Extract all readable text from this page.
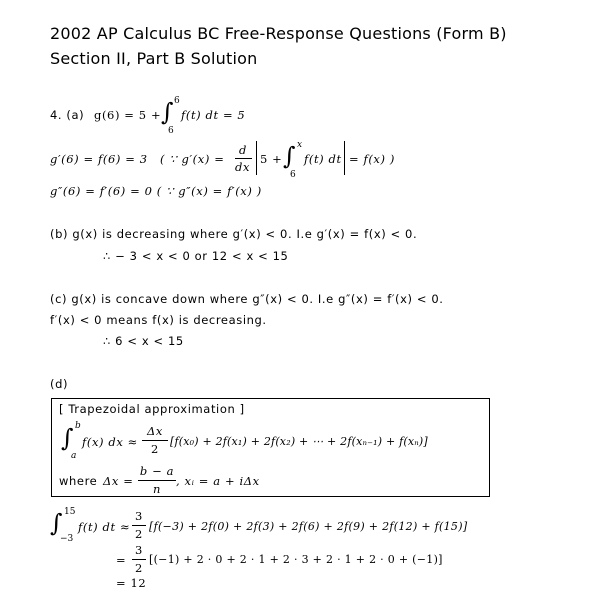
2002 AP Calculus BC Free-Response Questions (Form B)
Section II, Part B Solution
4. (a) g(6) = 5 + ∫ 6
6
f(t) dt = 5
g′(6) = f(6) = 3 ( ∵ g′(x) =
d
dx
5 + ∫ x
6
f(t) dt = f(x) )
g″(6) = f′(6) = 0 ( ∵ g″(x) = f′(x) )
(b) g(x) is decreasing where g′(x) < 0. I.e g′(x) = f(x) < 0.
∴ − 3 < x < 0 or 12 < x < 15
(c) g(x) is concave down where g″(x) < 0. I.e g″(x) = f′(x) < 0.
f′(x) < 0 means f(x) is decreasing.
∴ 6 < x < 15
(d)
[ Trapezoidal approximation ]
∫ b
a
f(x) dx ≈
Δx
2
[f(x₀) + 2f(x₁) + 2f(x₂) + ⋯ + 2f(xₙ₋₁) + f(xₙ)]
where Δx =
b − a
n
, xᵢ = a + iΔx
∫ 15
−3
f(t) dt ≈
3
2
[f(−3) + 2f(0) + 2f(3) + 2f(6) + 2f(9) + 2f(12) + f(15)]
=
3
2
[(−1) + 2 · 0 + 2 · 1 + 2 · 3 + 2 · 1 + 2 · 0 + (−1)]
= 12
